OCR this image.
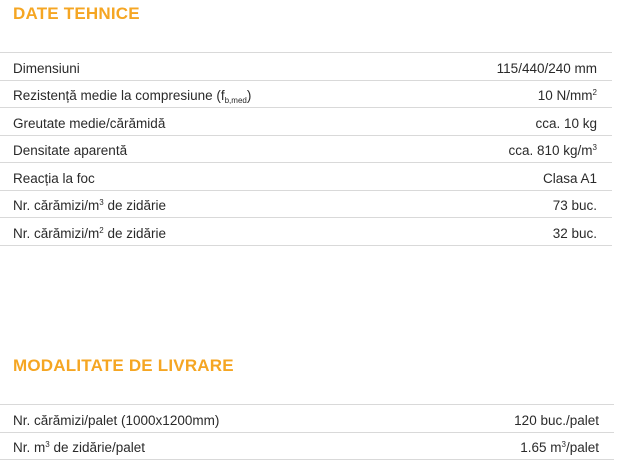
DATE TEHNICE
Dimensiuni	115/440/240 mm
Rezistență medie la compresiune $(f_{b,med})$	10 $N/mm^2$
Greutate medie/cărămidă	cca. 10 kg
Densitate aparentă	cca. 810 $kg/m^3$
Reacția la foc	Clasa A1
Nr. cărămizi/$m^3$ de zidărie	73 buc.
Nr. cărămizi/$m^2$ de zidărie	32 buc.
MODALITATE DE LIVRARE
Nr. cărămizi/palet (1000x1200mm)	120 buc./palet
Nr. $m^3$ de zidărie/palet	1.65 $m^3$/palet
